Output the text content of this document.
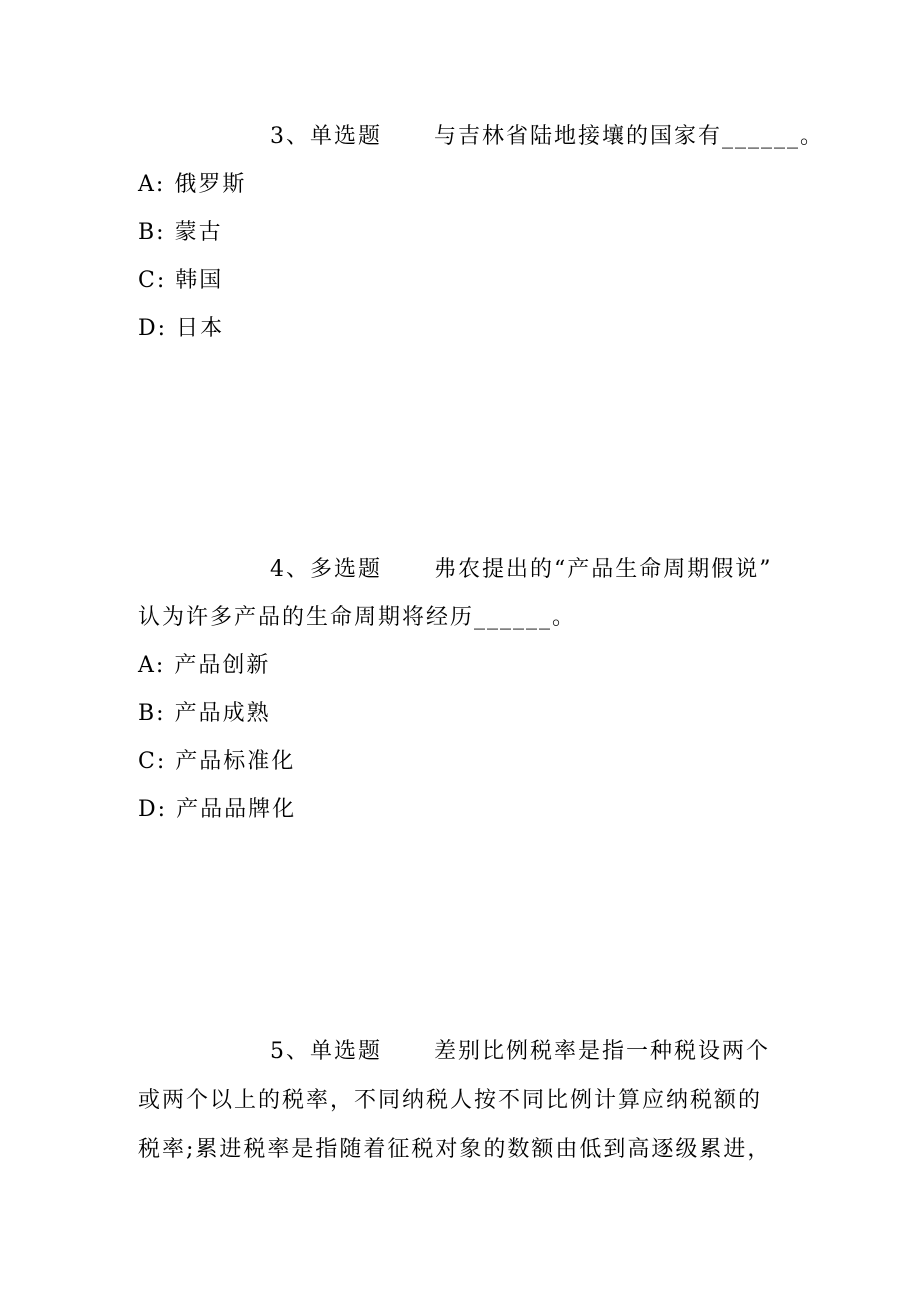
3、单选题 与吉林省陆地接壤的国家有______。
A: 俄罗斯
B: 蒙古
C: 韩国
D: 日本
4、多选题 弗农提出的“产品生命周期假说”
认为许多产品的生命周期将经历______。
A: 产品创新
B: 产品成熟
C: 产品标准化
D: 产品品牌化
5、单选题 差别比例税率是指一种税设两个
或两个以上的税率，不同纳税人按不同比例计算应纳税额的
税率;累进税率是指随着征税对象的数额由低到高逐级累进，
